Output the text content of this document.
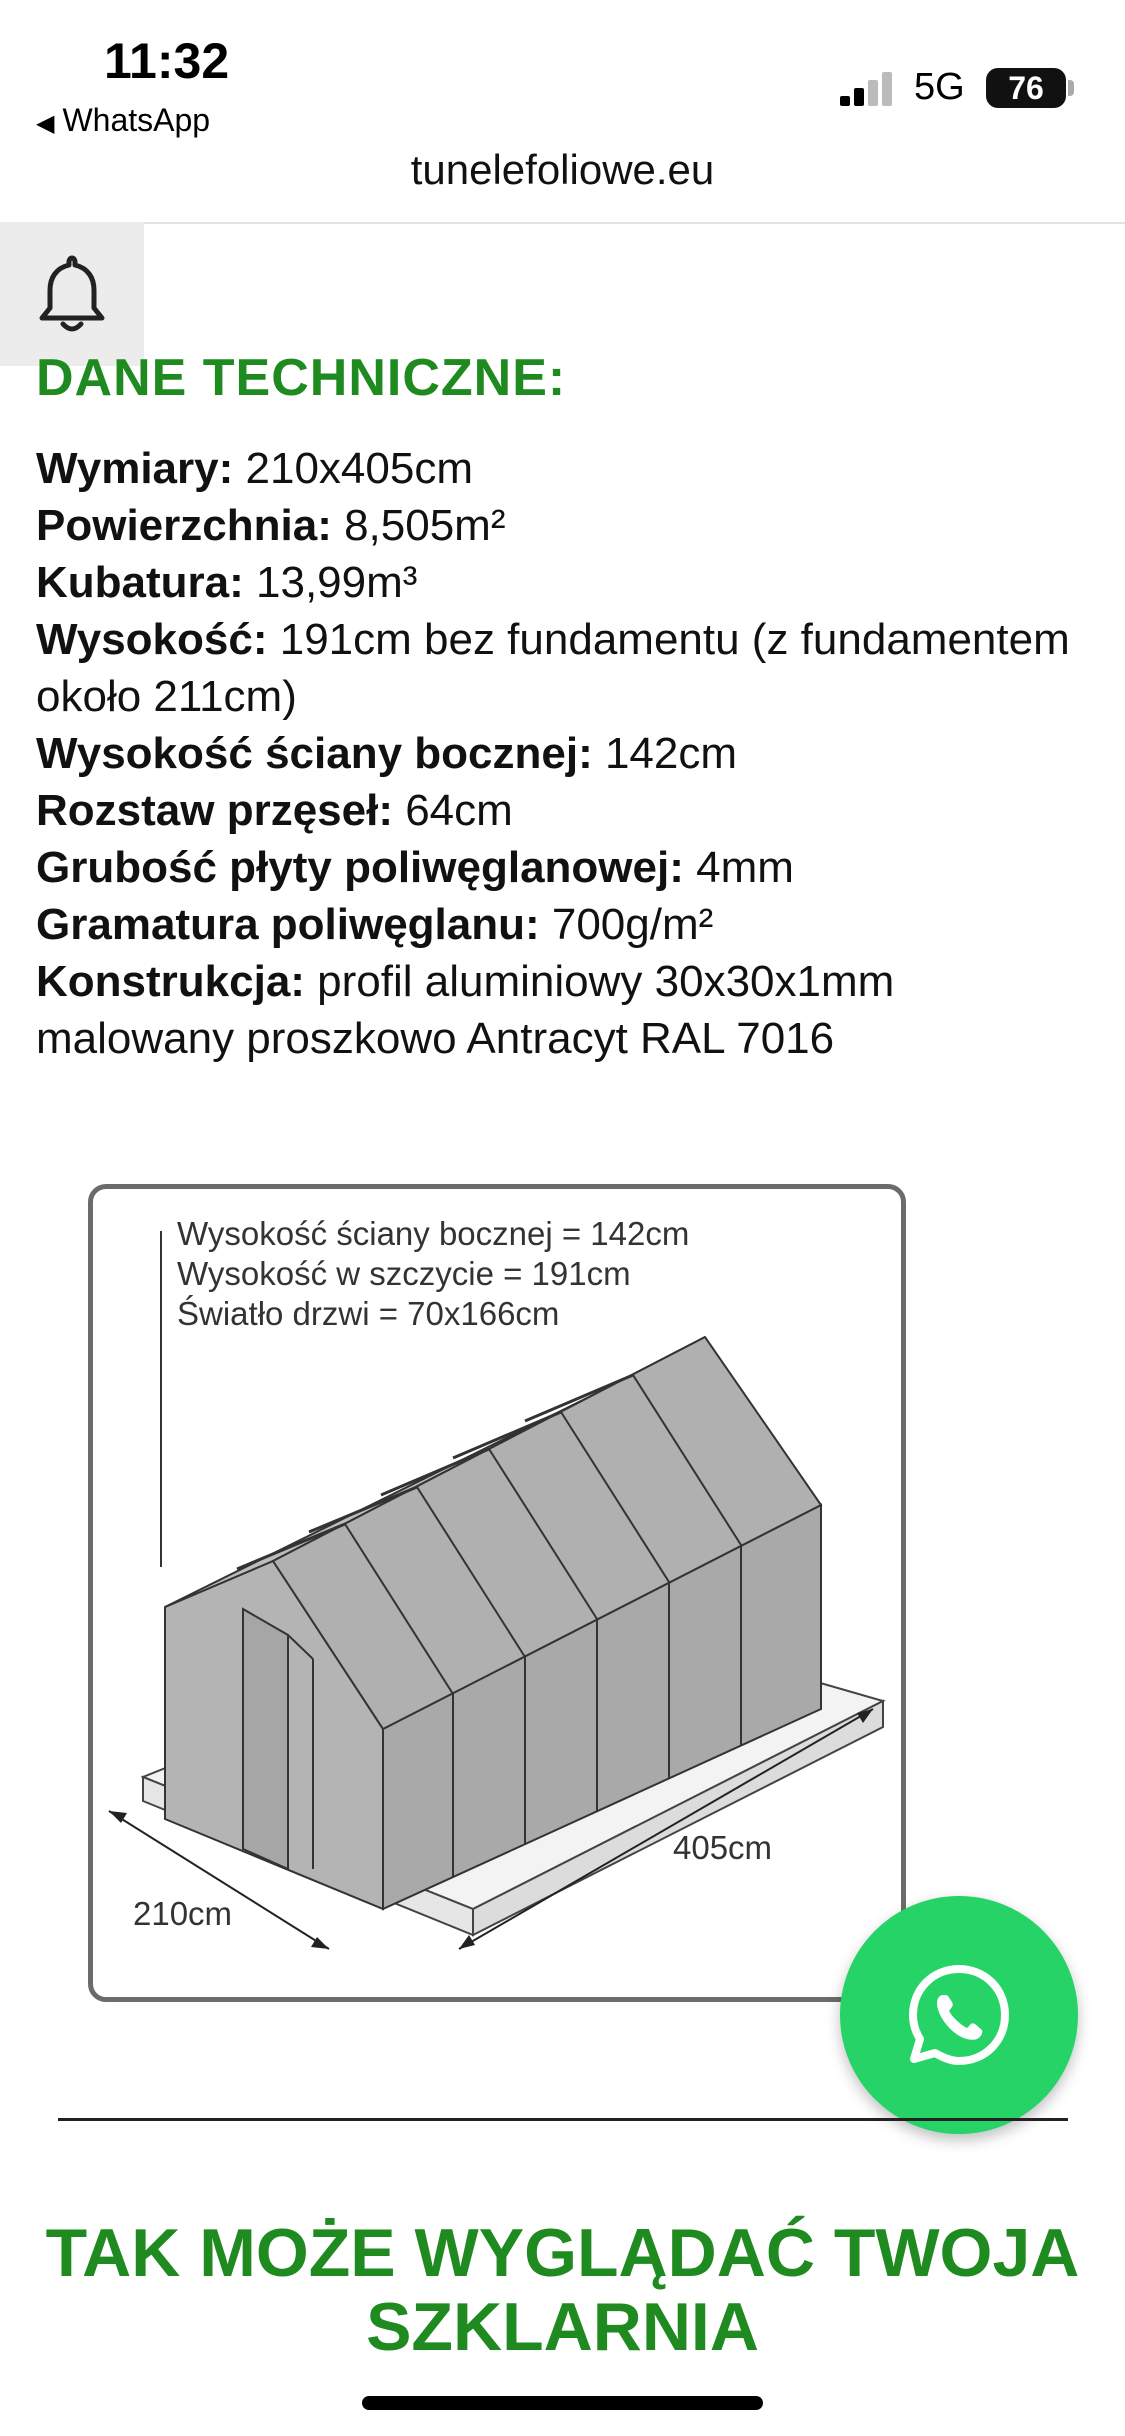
11:32
◀ WhatsApp
5G	76
tunelefoliowe.eu
DANE TECHNICZNE:

Wymiary: 210x405cm

Powierzchnia: 8,505m²

Kubatura: 13,99m³

Wysokość: 191cm bez fundamentu (z fundamentem około 211cm)

Wysokość ściany bocznej: 142cm

Rozstaw przęseł: 64cm

Grubość płyty poliwęglanowej: 4mm

Gramatura poliwęglanu: 700g/m²

Konstrukcja: profil aluminiowy 30x30x1mm malowany proszkowo Antracyt RAL 7016

Wysokość ściany bocznej = 142cm
Wysokość w szczycie = 191cm
Światło drzwi = 70x166cm
210cm
405cm
TAK MOŻE WYGLĄDAĆ TWOJA SZKLARNIA
